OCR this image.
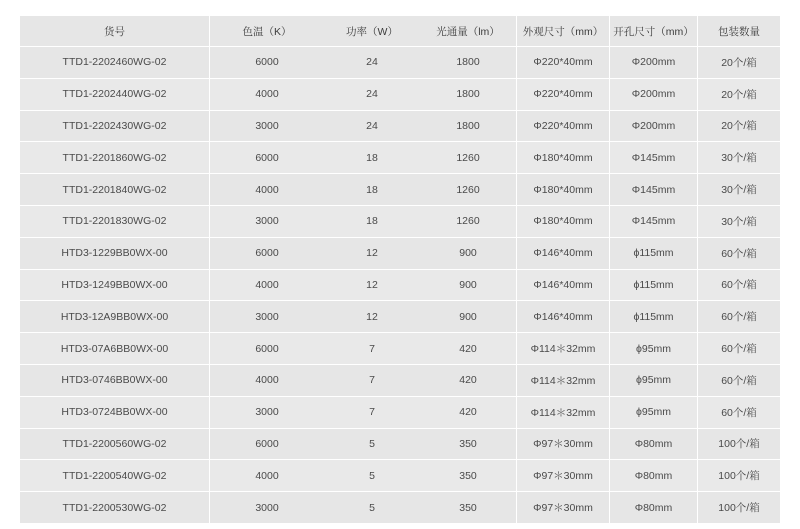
货号	色温（K）	功率（W）	光通量（lm）	外观尺寸（mm）	开孔尺寸（mm）	包装数量
TTD1-2202460WG-02	6000	24	1800	Φ220*40mm	Φ200mm	20个/箱
TTD1-2202440WG-02	4000	24	1800	Φ220*40mm	Φ200mm	20个/箱
TTD1-2202430WG-02	3000	24	1800	Φ220*40mm	Φ200mm	20个/箱
TTD1-2201860WG-02	6000	18	1260	Φ180*40mm	Φ145mm	30个/箱
TTD1-2201840WG-02	4000	18	1260	Φ180*40mm	Φ145mm	30个/箱
TTD1-2201830WG-02	3000	18	1260	Φ180*40mm	Φ145mm	30个/箱
HTD3-1229BB0WX-00	6000	12	900	Φ146*40mm	ϕ115mm	60个/箱
HTD3-1249BB0WX-00	4000	12	900	Φ146*40mm	ϕ115mm	60个/箱
HTD3-12A9BB0WX-00	3000	12	900	Φ146*40mm	ϕ115mm	60个/箱
HTD3-07A6BB0WX-00	6000	7	420	Φ114＊32mm	ϕ95mm	60个/箱
HTD3-0746BB0WX-00	4000	7	420	Φ114＊32mm	ϕ95mm	60个/箱
HTD3-0724BB0WX-00	3000	7	420	Φ114＊32mm	ϕ95mm	60个/箱
TTD1-2200560WG-02	6000	5	350	Φ97＊30mm	Φ80mm	100个/箱
TTD1-2200540WG-02	4000	5	350	Φ97＊30mm	Φ80mm	100个/箱
TTD1-2200530WG-02	3000	5	350	Φ97＊30mm	Φ80mm	100个/箱
